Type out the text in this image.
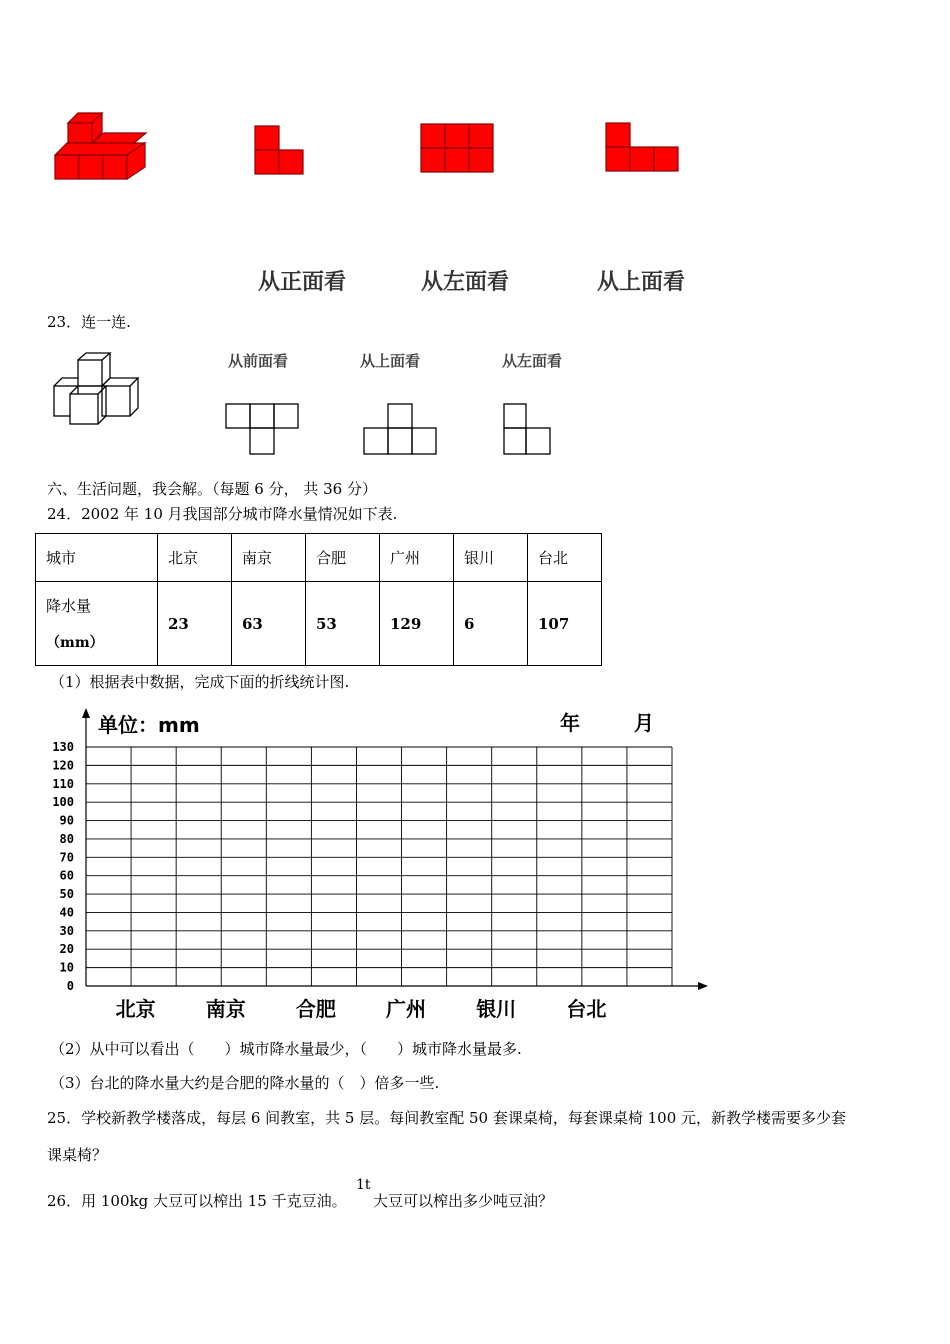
从正面看	从左面看	从上面看
23．连一连.
从前面看	从上面看	从左面看
六、生活问题，我会解。（每题 6 分， 共 36 分）
24．2002 年 10 月我国部分城市降水量情况如下表.
城市	北京	南京	合肥	广州	银川	台北

降水量
（mm）	23	63	53	129	6	107
（1）根据表中数据，完成下面的折线统计图.
单位：mm	年	月
0
10
20
30
40
50
60
70
80
90
100
110
120
130
北京	南京	合肥	广州	银川	台北
（2）从中可以看出（　　）城市降水量最少，（　　）城市降水量最多.
（3）台北的降水量大约是合肥的降水量的（　）倍多一些.
25．学校新教学楼落成，每层 6 间教室，共 5 层。每间教室配 50 套课桌椅，每套课桌椅 100 元，新教学楼需要多少套
课桌椅？
26．用 100kg 大豆可以榨出 15 千克豆油。
1t
大豆可以榨出多少吨豆油？
